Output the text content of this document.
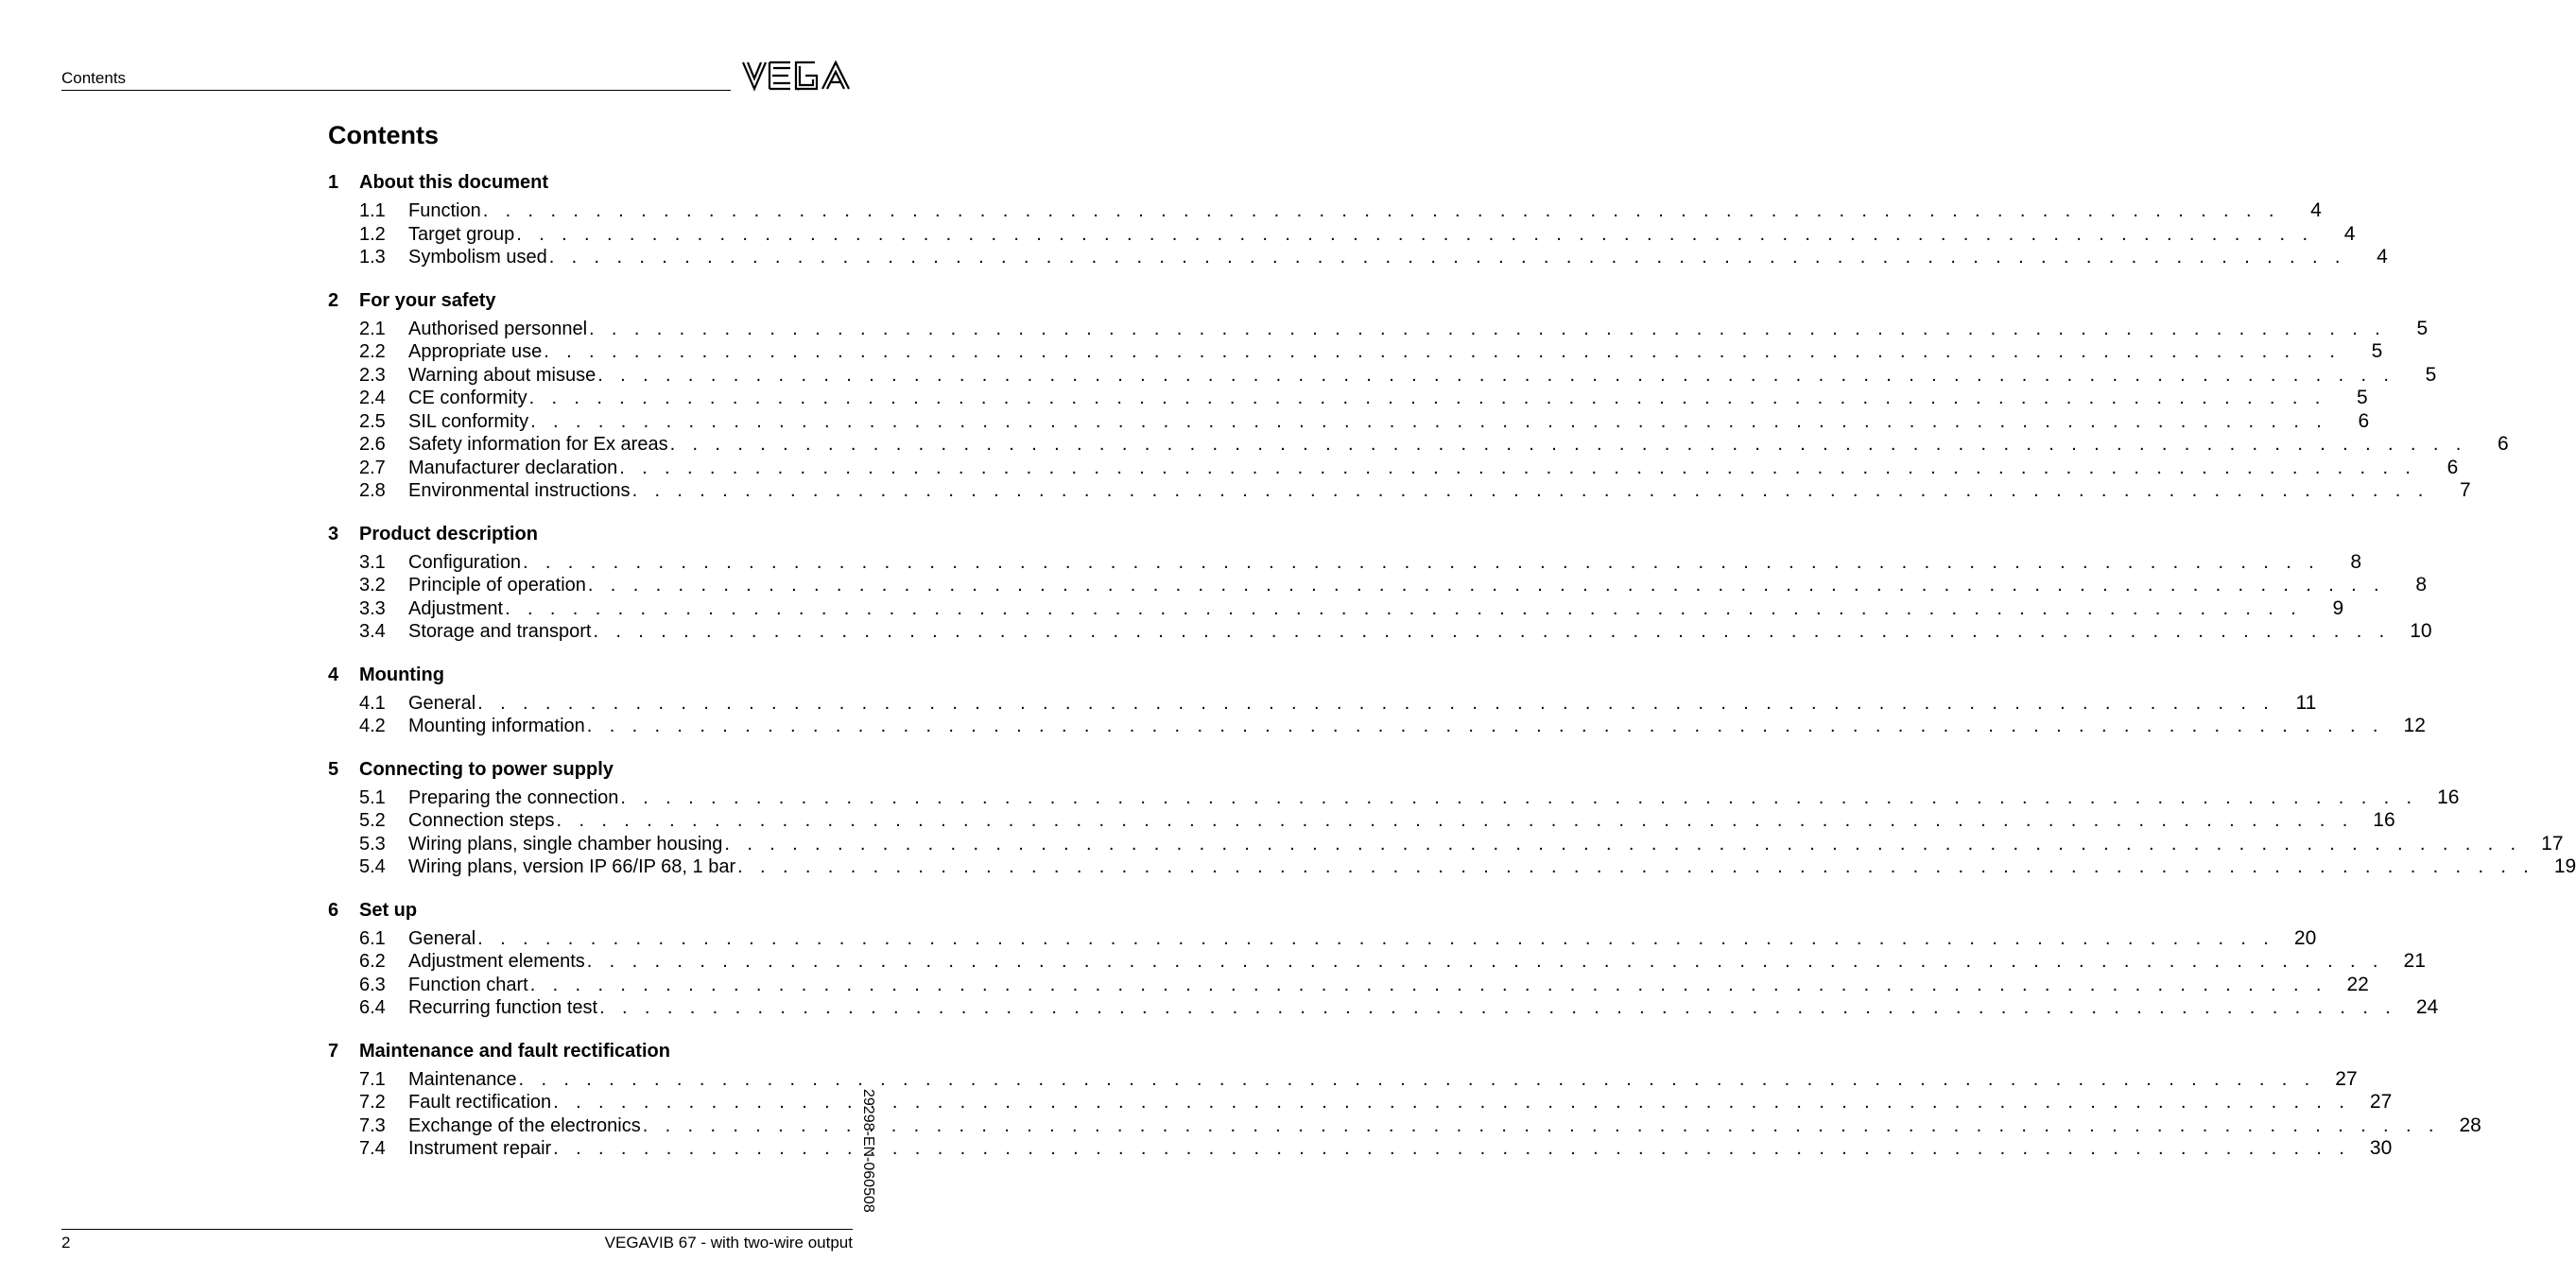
Contents
VEGA
Contents
1	About this document
1.1	Function . . . . . . . . . . . . . . . . . . . . . . . . . . . . . . . . . . . . . . . . . . . . . . . . . . . . . . . . . . . . . . . . . . . . . . . . . . . . . . . .	4
1.2	Target group . . . . . . . . . . . . . . . . . . . . . . . . . . . . . . . . . . . . . . . . . . . . . . . . . . . . . . . . . . . . . . . . . . . . . . . . . . . . . . . .	4
1.3	Symbolism used . . . . . . . . . . . . . . . . . . . . . . . . . . . . . . . . . . . . . . . . . . . . . . . . . . . . . . . . . . . . . . . . . . . . . . . . . . . . . . . .	4
2	For your safety
2.1	Authorised personnel . . . . . . . . . . . . . . . . . . . . . . . . . . . . . . . . . . . . . . . . . . . . . . . . . . . . . . . . . . . . . . . . . . . . . . . . . . . . . . . .	5
2.2	Appropriate use . . . . . . . . . . . . . . . . . . . . . . . . . . . . . . . . . . . . . . . . . . . . . . . . . . . . . . . . . . . . . . . . . . . . . . . . . . . . . . . .	5
2.3	Warning about misuse . . . . . . . . . . . . . . . . . . . . . . . . . . . . . . . . . . . . . . . . . . . . . . . . . . . . . . . . . . . . . . . . . . . . . . . . . . . . . . . .	5
2.4	CE conformity . . . . . . . . . . . . . . . . . . . . . . . . . . . . . . . . . . . . . . . . . . . . . . . . . . . . . . . . . . . . . . . . . . . . . . . . . . . . . . . .	5
2.5	SIL conformity . . . . . . . . . . . . . . . . . . . . . . . . . . . . . . . . . . . . . . . . . . . . . . . . . . . . . . . . . . . . . . . . . . . . . . . . . . . . . . . .	6
2.6	Safety information for Ex areas . . . . . . . . . . . . . . . . . . . . . . . . . . . . . . . . . . . . . . . . . . . . . . . . . . . . . . . . . . . . . . . . . . . . . . . . . . . . . . . .	6
2.7	Manufacturer declaration . . . . . . . . . . . . . . . . . . . . . . . . . . . . . . . . . . . . . . . . . . . . . . . . . . . . . . . . . . . . . . . . . . . . . . . . . . . . . . . .	6
2.8	Environmental instructions . . . . . . . . . . . . . . . . . . . . . . . . . . . . . . . . . . . . . . . . . . . . . . . . . . . . . . . . . . . . . . . . . . . . . . . . . . . . . . . .	7
3	Product description
3.1	Configuration . . . . . . . . . . . . . . . . . . . . . . . . . . . . . . . . . . . . . . . . . . . . . . . . . . . . . . . . . . . . . . . . . . . . . . . . . . . . . . . .	8
3.2	Principle of operation . . . . . . . . . . . . . . . . . . . . . . . . . . . . . . . . . . . . . . . . . . . . . . . . . . . . . . . . . . . . . . . . . . . . . . . . . . . . . . . .	8
3.3	Adjustment . . . . . . . . . . . . . . . . . . . . . . . . . . . . . . . . . . . . . . . . . . . . . . . . . . . . . . . . . . . . . . . . . . . . . . . . . . . . . . . .	9
3.4	Storage and transport . . . . . . . . . . . . . . . . . . . . . . . . . . . . . . . . . . . . . . . . . . . . . . . . . . . . . . . . . . . . . . . . . . . . . . . . . . . . . . . . 10
4	Mounting
4.1	General . . . . . . . . . . . . . . . . . . . . . . . . . . . . . . . . . . . . . . . . . . . . . . . . . . . . . . . . . . . . . . . . . . . . . . . . . . . . . . . .	11
4.2	Mounting information . . . . . . . . . . . . . . . . . . . . . . . . . . . . . . . . . . . . . . . . . . . . . . . . . . . . . . . . . . . . . . . . . . . . . . . . . . . . . . . . 12
5	Connecting to power supply
5.1	Preparing the connection . . . . . . . . . . . . . . . . . . . . . . . . . . . . . . . . . . . . . . . . . . . . . . . . . . . . . . . . . . . . . . . . . . . . . . . . . . . . . . . . 16
5.2	Connection steps . . . . . . . . . . . . . . . . . . . . . . . . . . . . . . . . . . . . . . . . . . . . . . . . . . . . . . . . . . . . . . . . . . . . . . . . . . . . . . . . 16
5.3	Wiring plans, single chamber housing . . . . . . . . . . . . . . . . . . . . . . . . . . . . . . . . . . . . . . . . . . . . . . . . . . . . . . . . . . . . . . . . . . . . . . . . . . . . . . . . 17
5.4	Wiring plans, version IP 66/IP 68, 1 bar . . . . . . . . . . . . . . . . . . . . . . . . . . . . . . . . . . . . . . . . . . . . . . . . . . . . . . . . . . . . . . . . . . . . . . . . . . . . . . . . 19
6	Set up
6.1	General . . . . . . . . . . . . . . . . . . . . . . . . . . . . . . . . . . . . . . . . . . . . . . . . . . . . . . . . . . . . . . . . . . . . . . . . . . . . . . . . 20
6.2	Adjustment elements . . . . . . . . . . . . . . . . . . . . . . . . . . . . . . . . . . . . . . . . . . . . . . . . . . . . . . . . . . . . . . . . . . . . . . . . . . . . . . . . 21
6.3	Function chart . . . . . . . . . . . . . . . . . . . . . . . . . . . . . . . . . . . . . . . . . . . . . . . . . . . . . . . . . . . . . . . . . . . . . . . . . . . . . . . . 22
6.4	Recurring function test . . . . . . . . . . . . . . . . . . . . . . . . . . . . . . . . . . . . . . . . . . . . . . . . . . . . . . . . . . . . . . . . . . . . . . . . . . . . . . . . 24
7	Maintenance and fault rectification
7.1	Maintenance . . . . . . . . . . . . . . . . . . . . . . . . . . . . . . . . . . . . . . . . . . . . . . . . . . . . . . . . . . . . . . . . . . . . . . . . . . . . . . . . 27
7.2	Fault rectification . . . . . . . . . . . . . . . . . . . . . . . . . . . . . . . . . . . . . . . . . . . . . . . . . . . . . . . . . . . . . . . . . . . . . . . . . . . . . . . . 27
7.3	Exchange of the electronics . . . . . . . . . . . . . . . . . . . . . . . . . . . . . . . . . . . . . . . . . . . . . . . . . . . . . . . . . . . . . . . . . . . . . . . . . . . . . . . . 28
7.4	Instrument repair . . . . . . . . . . . . . . . . . . . . . . . . . . . . . . . . . . . . . . . . . . . . . . . . . . . . . . . . . . . . . . . . . . . . . . . . . . . . . . . . 30
29298-EN-060508
2	VEGAVIB 67 - with two-wire output
